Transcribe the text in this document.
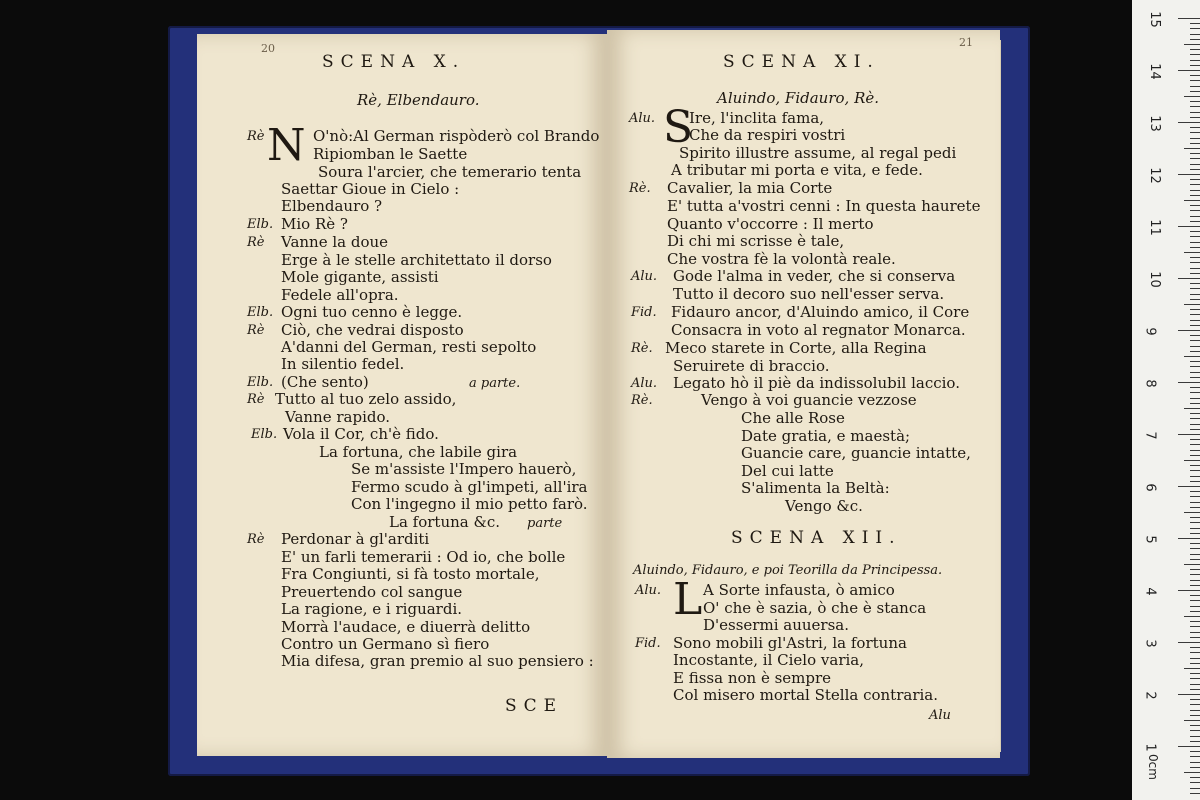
20
SCENA X.
Rè, Elbendauro.
N
Rè	O'nò:Al German rispòderò col Brando
Ripiomban le Saette
Soura l'arcier, che temerario tenta
Saettar Gioue in Cielo :
Elbendauro ?
Elb. Mio Rè ?
Rè Vanne la doue
Erge à le stelle architettato il dorso
Mole gigante, assisti
Fedele all'opra.
Elb. Ogni tuo cenno è legge.
Rè Ciò, che vedrai disposto
A'danni del German, resti sepolto
In silentio fedel.
Elb. (Che sento)	a parte.
Rè Tutto al tuo zelo assido,
Vanne rapido.
Elb. Vola il Cor, ch'è fido.
La fortuna, che labile gira
Se m'assiste l'Impero hauerò,
Fermo scudo à gl'impeti, all'ira
Con l'ingegno il mio petto farò.
La fortuna &c. parte
Rè Perdonar à gl'arditi
E' un farli temerarii : Od io, che bolle
Fra Congiunti, si fà tosto mortale,
Preuertendo col sangue
La ragione, e i riguardi.
Morrà l'audace, e diuerrà delitto
Contro un Germano sì fiero
Mia difesa, gran premio al suo pensiero :
SCE
21
SCENA XI.
Aluindo, Fidauro, Rè.
S
Alu. Ire, l'inclita fama,
Che da respiri vostri
Spirito illustre assume, al regal pedi
A tributar mi porta e vita, e fede.
Rè. Cavalier, la mia Corte
E' tutta a'vostri cenni : In questa haurete
Quanto v'occorre : Il merto
Di chi mi scrisse è tale,
Che vostra fè la volontà reale.
Alu. Gode l'alma in veder, che si conserva
Tutto il decoro suo nell'esser serva.
Fid. Fidauro ancor, d'Aluindo amico, il Core
Consacra in voto al regnator Monarca.
Rè. Meco starete in Corte, alla Regina
Seruirete di braccio.
Alu. Legato hò il piè da indissolubil laccio.
Rè.	Vengo à voi guancie vezzose
Che alle Rose
Date gratia, e maestà;
Guancie care, guancie intatte,
Del cui latte
S'alimenta la Beltà:
Vengo &c.
SCENA XII.
Aluindo, Fidauro, e poi Teorilla da Principessa.
L
Alu.	A Sorte infausta, ò amico
O' che è sazia, ò che è stanca
D'essermi auuersa.
Fid. Sono mobili gl'Astri, la fortuna
Incostante, il Cielo varia,
E fissa non è sempre
Col misero mortal Stella contraria.
Alu
15
14
13
12
11
10
9
8
7
6
5
4
3
2
1
0cm
